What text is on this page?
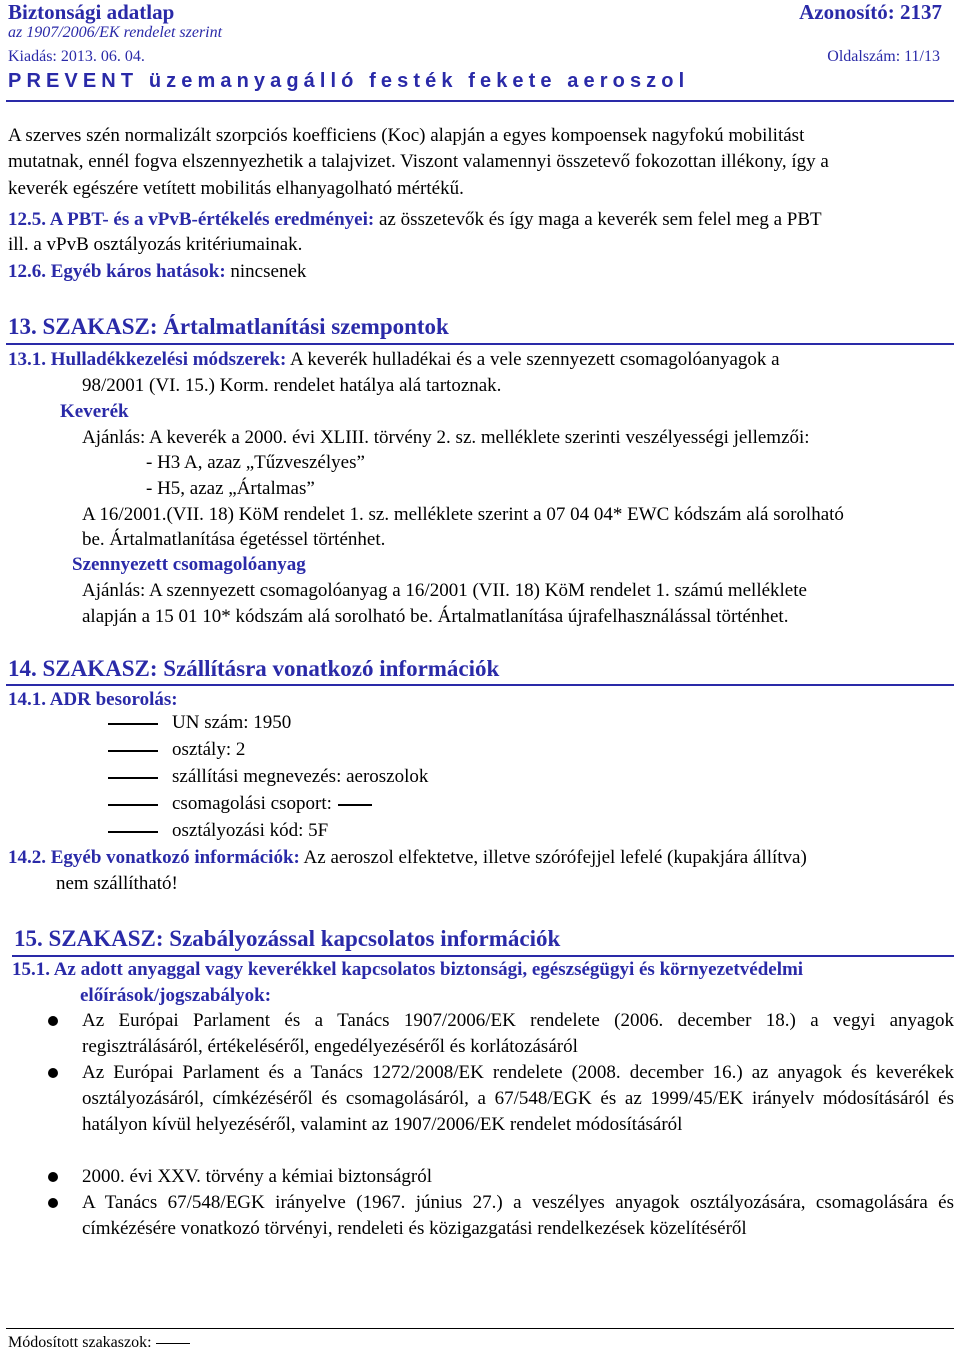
Biztonsági adatlap	Azonosító: 2137
az 1907/2006/EK rendelet szerint
Kiadás: 2013. 06. 04.	Oldalszám: 11/13
PREVENT üzemanyagálló festék fekete aeroszol
A szerves szén normalizált szorpciós koefficiens (Koc) alapján a egyes kompoensek nagyfokú mobilitást
mutatnak, ennél fogva elszennyezhetik a talajvizet. Viszont valamennyi összetevő fokozottan illékony, így a
keverék egészére vetített mobilitás elhanyagolható mértékű.
12.5. A PBT- és a vPvB-értékelés eredményei: az összetevők és így maga a keverék sem felel meg a PBT
ill. a vPvB osztályozás kritériumainak.
12.6. Egyéb káros hatások: nincsenek
13. SZAKASZ: Ártalmatlanítási szempontok
13.1. Hulladékkezelési módszerek: A keverék hulladékai és a vele szennyezett csomagolóanyagok a
98/2001 (VI. 15.) Korm. rendelet hatálya alá tartoznak.
Keverék
Ajánlás: A keverék a 2000. évi XLIII. törvény 2. sz. melléklete szerinti veszélyességi jellemzői:
- H3 A, azaz „Tűzveszélyes”
- H5, azaz „Ártalmas”
A 16/2001.(VII. 18) KöM rendelet 1. sz. melléklete szerint a 07 04 04* EWC kódszám alá sorolható
be. Ártalmatlanítása égetéssel történhet.
Szennyezett csomagolóanyag
Ajánlás: A szennyezett csomagolóanyag a 16/2001 (VII. 18) KöM rendelet 1. számú melléklete
alapján a 15 01 10* kódszám alá sorolható be. Ártalmatlanítása újrafelhasználással történhet.
14. SZAKASZ: Szállításra vonatkozó információk
14.1. ADR besorolás:
UN szám: 1950
osztály: 2
szállítási megnevezés: aeroszolok
csomagolási csoport:
osztályozási kód: 5F
14.2. Egyéb vonatkozó információk: Az aeroszol elfektetve, illetve szórófejjel lefelé (kupakjára állítva)
nem szállítható!
15. SZAKASZ: Szabályozással kapcsolatos információk
15.1. Az adott anyaggal vagy keverékkel kapcsolatos biztonsági, egészségügyi és környezetvédelmi
előírások/jogszabályok:
Az Európai Parlament és a Tanács 1907/2006/EK rendelete (2006. december 18.) a vegyi anyagok regisztrálásáról, értékeléséről, engedélyezéséről és korlátozásáról
Az Európai Parlament és a Tanács 1272/2008/EK rendelete (2008. december 16.) az anyagok és keverékek osztályozásáról, címkézéséről és csomagolásáról, a 67/548/EGK és az 1999/45/EK irányelv módosításáról és hatályon kívül helyezéséről, valamint az 1907/2006/EK rendelet módosításáról
2000. évi XXV. törvény a kémiai biztonságról
A Tanács 67/548/EGK irányelve (1967. június 27.) a veszélyes anyagok osztályozására, csomagolására és címkézésére vonatkozó törvényi, rendeleti és közigazgatási rendelkezések közelítéséről
Módosított szakaszok:
